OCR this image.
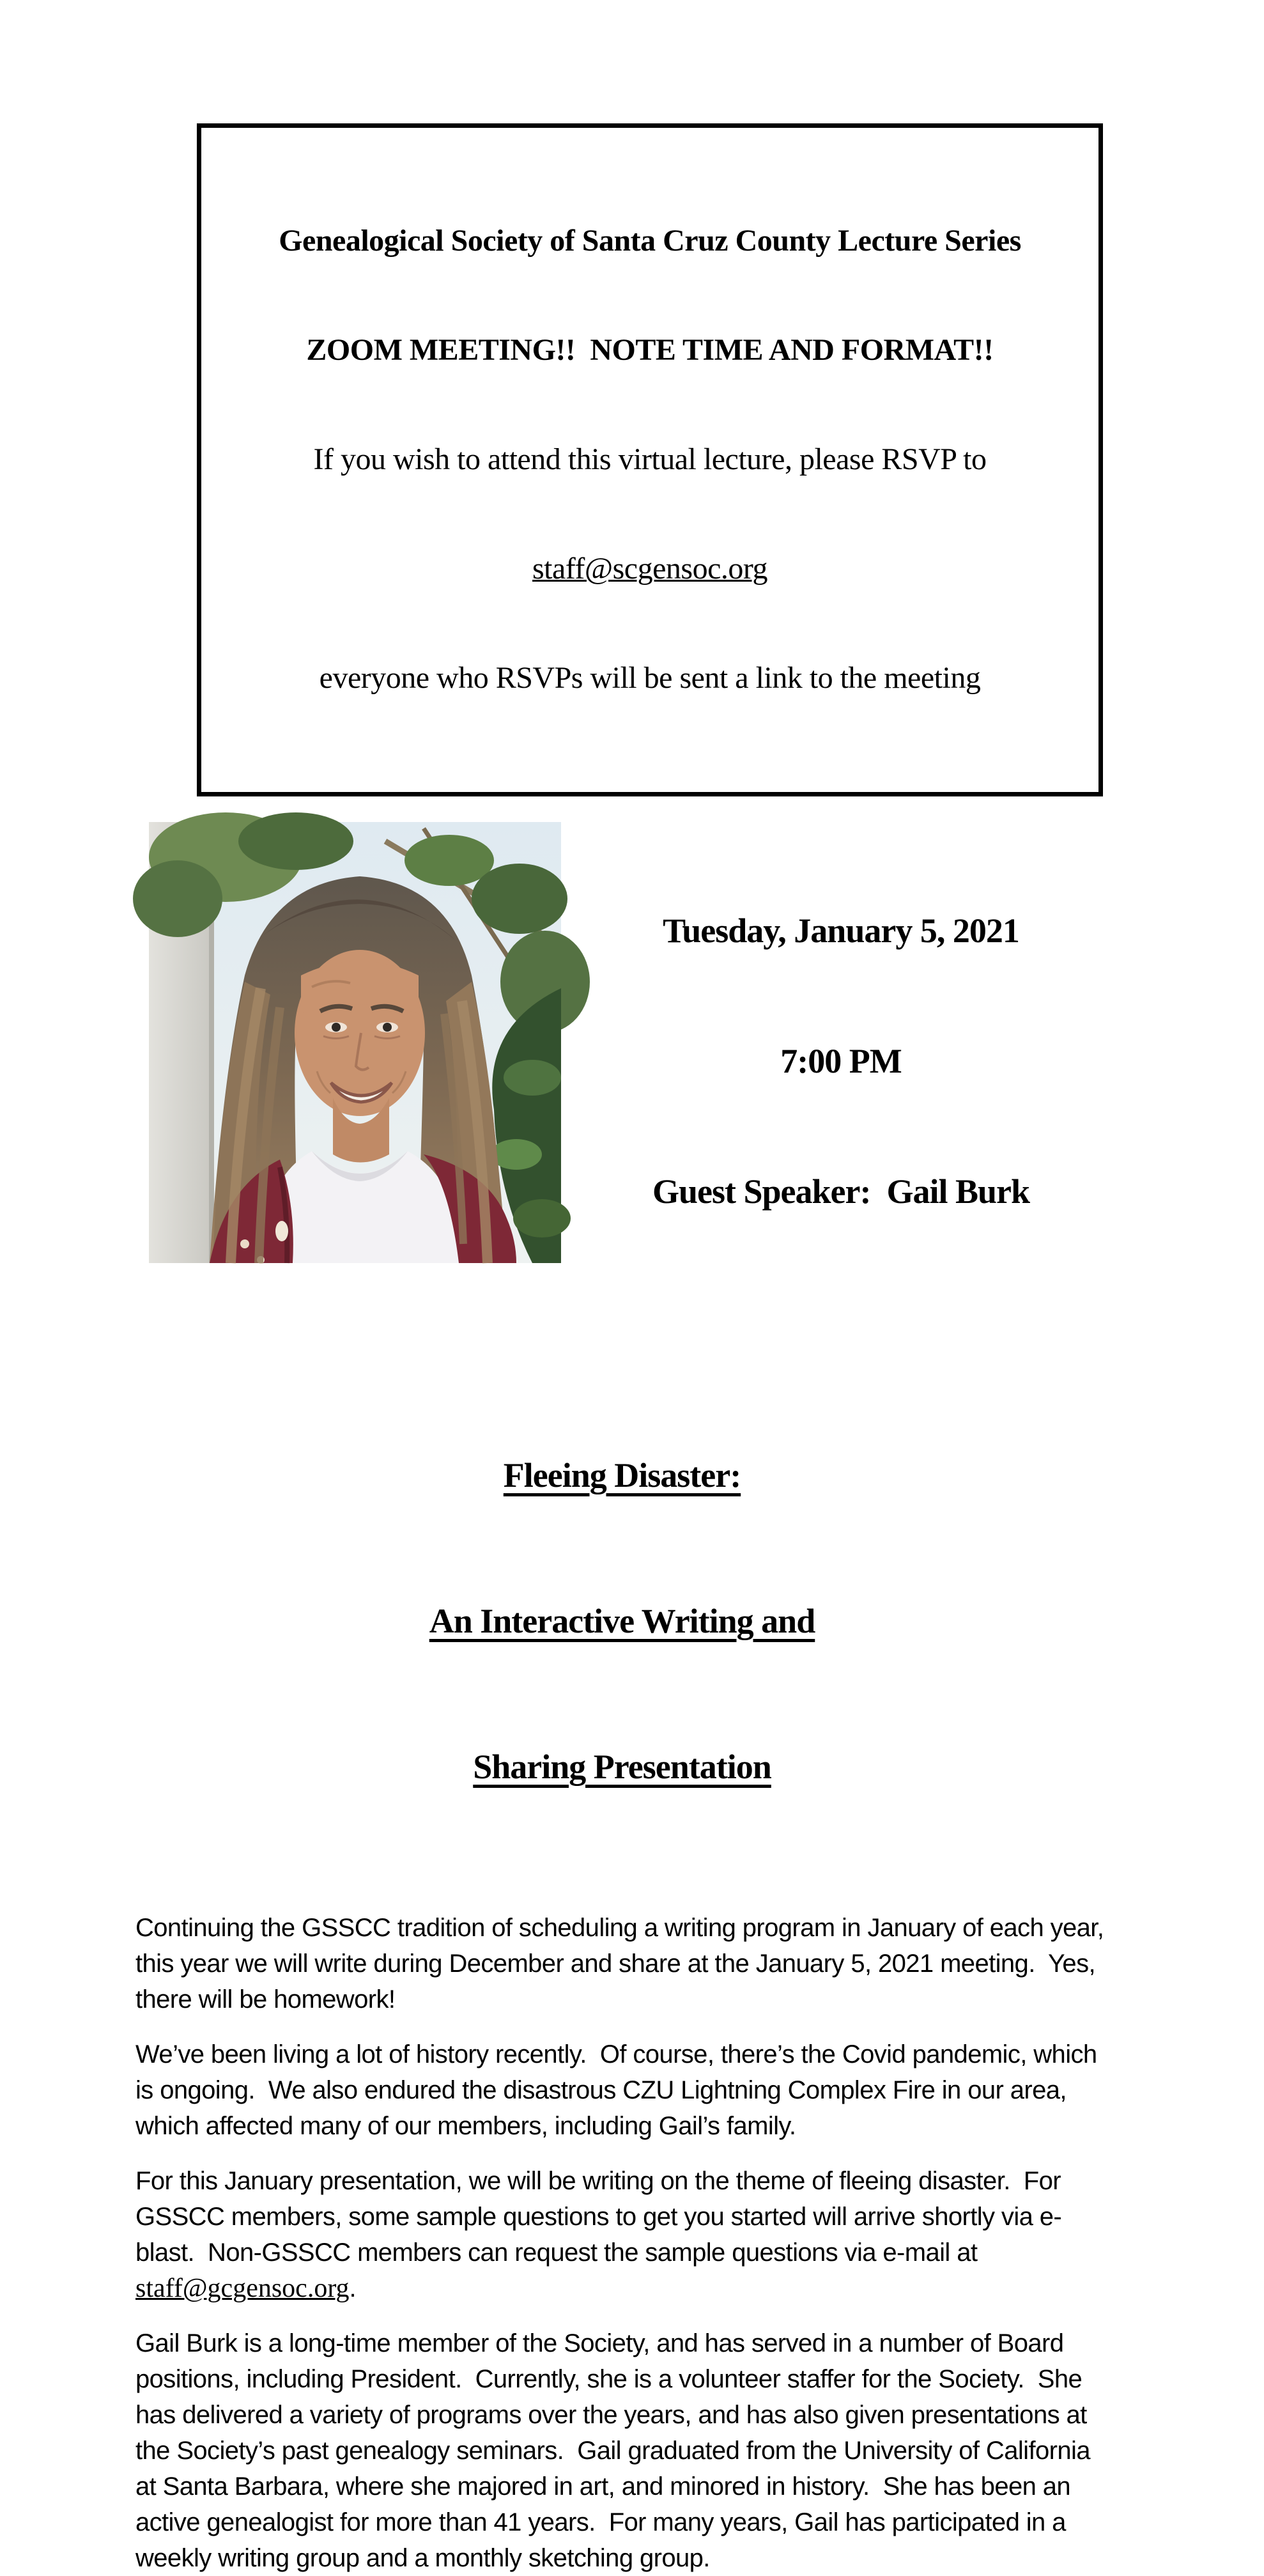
Genealogical Society of Santa Cruz County Lecture Series

ZOOM MEETING!!  NOTE TIME AND FORMAT!!

If you wish to attend this virtual lecture, please RSVP to

staff@scgensoc.org

everyone who RSVPs will be sent a link to the meeting

Tuesday, January 5, 2021

7:00 PM

Guest Speaker:  Gail Burk

Fleeing Disaster:

An Interactive Writing and

Sharing Presentation

Continuing the GSSCC tradition of scheduling a writing program in January of each year, this year we will write during December and share at the January 5, 2021 meeting.  Yes, there will be homework!

We’ve been living a lot of history recently.  Of course, there’s the Covid pandemic, which is ongoing.  We also endured the disastrous CZU Lightning Complex Fire in our area, which affected many of our members, including Gail’s family.

For this January presentation, we will be writing on the theme of fleeing disaster.  For GSSCC members, some sample questions to get you started will arrive shortly via e-blast.  Non-GSSCC members can request the sample questions via e-mail at staff@gcgensoc.org.

Gail Burk is a long-time member of the Society, and has served in a number of Board positions, including President.  Currently, she is a volunteer staffer for the Society.  She has delivered a variety of programs over the years, and has also given presentations at the Society’s past genealogy seminars.  Gail graduated from the University of California at Santa Barbara, where she majored in art, and minored in history.  She has been an active genealogist for more than 41 years.  For many years, Gail has participated in a weekly writing group and a monthly sketching group.
